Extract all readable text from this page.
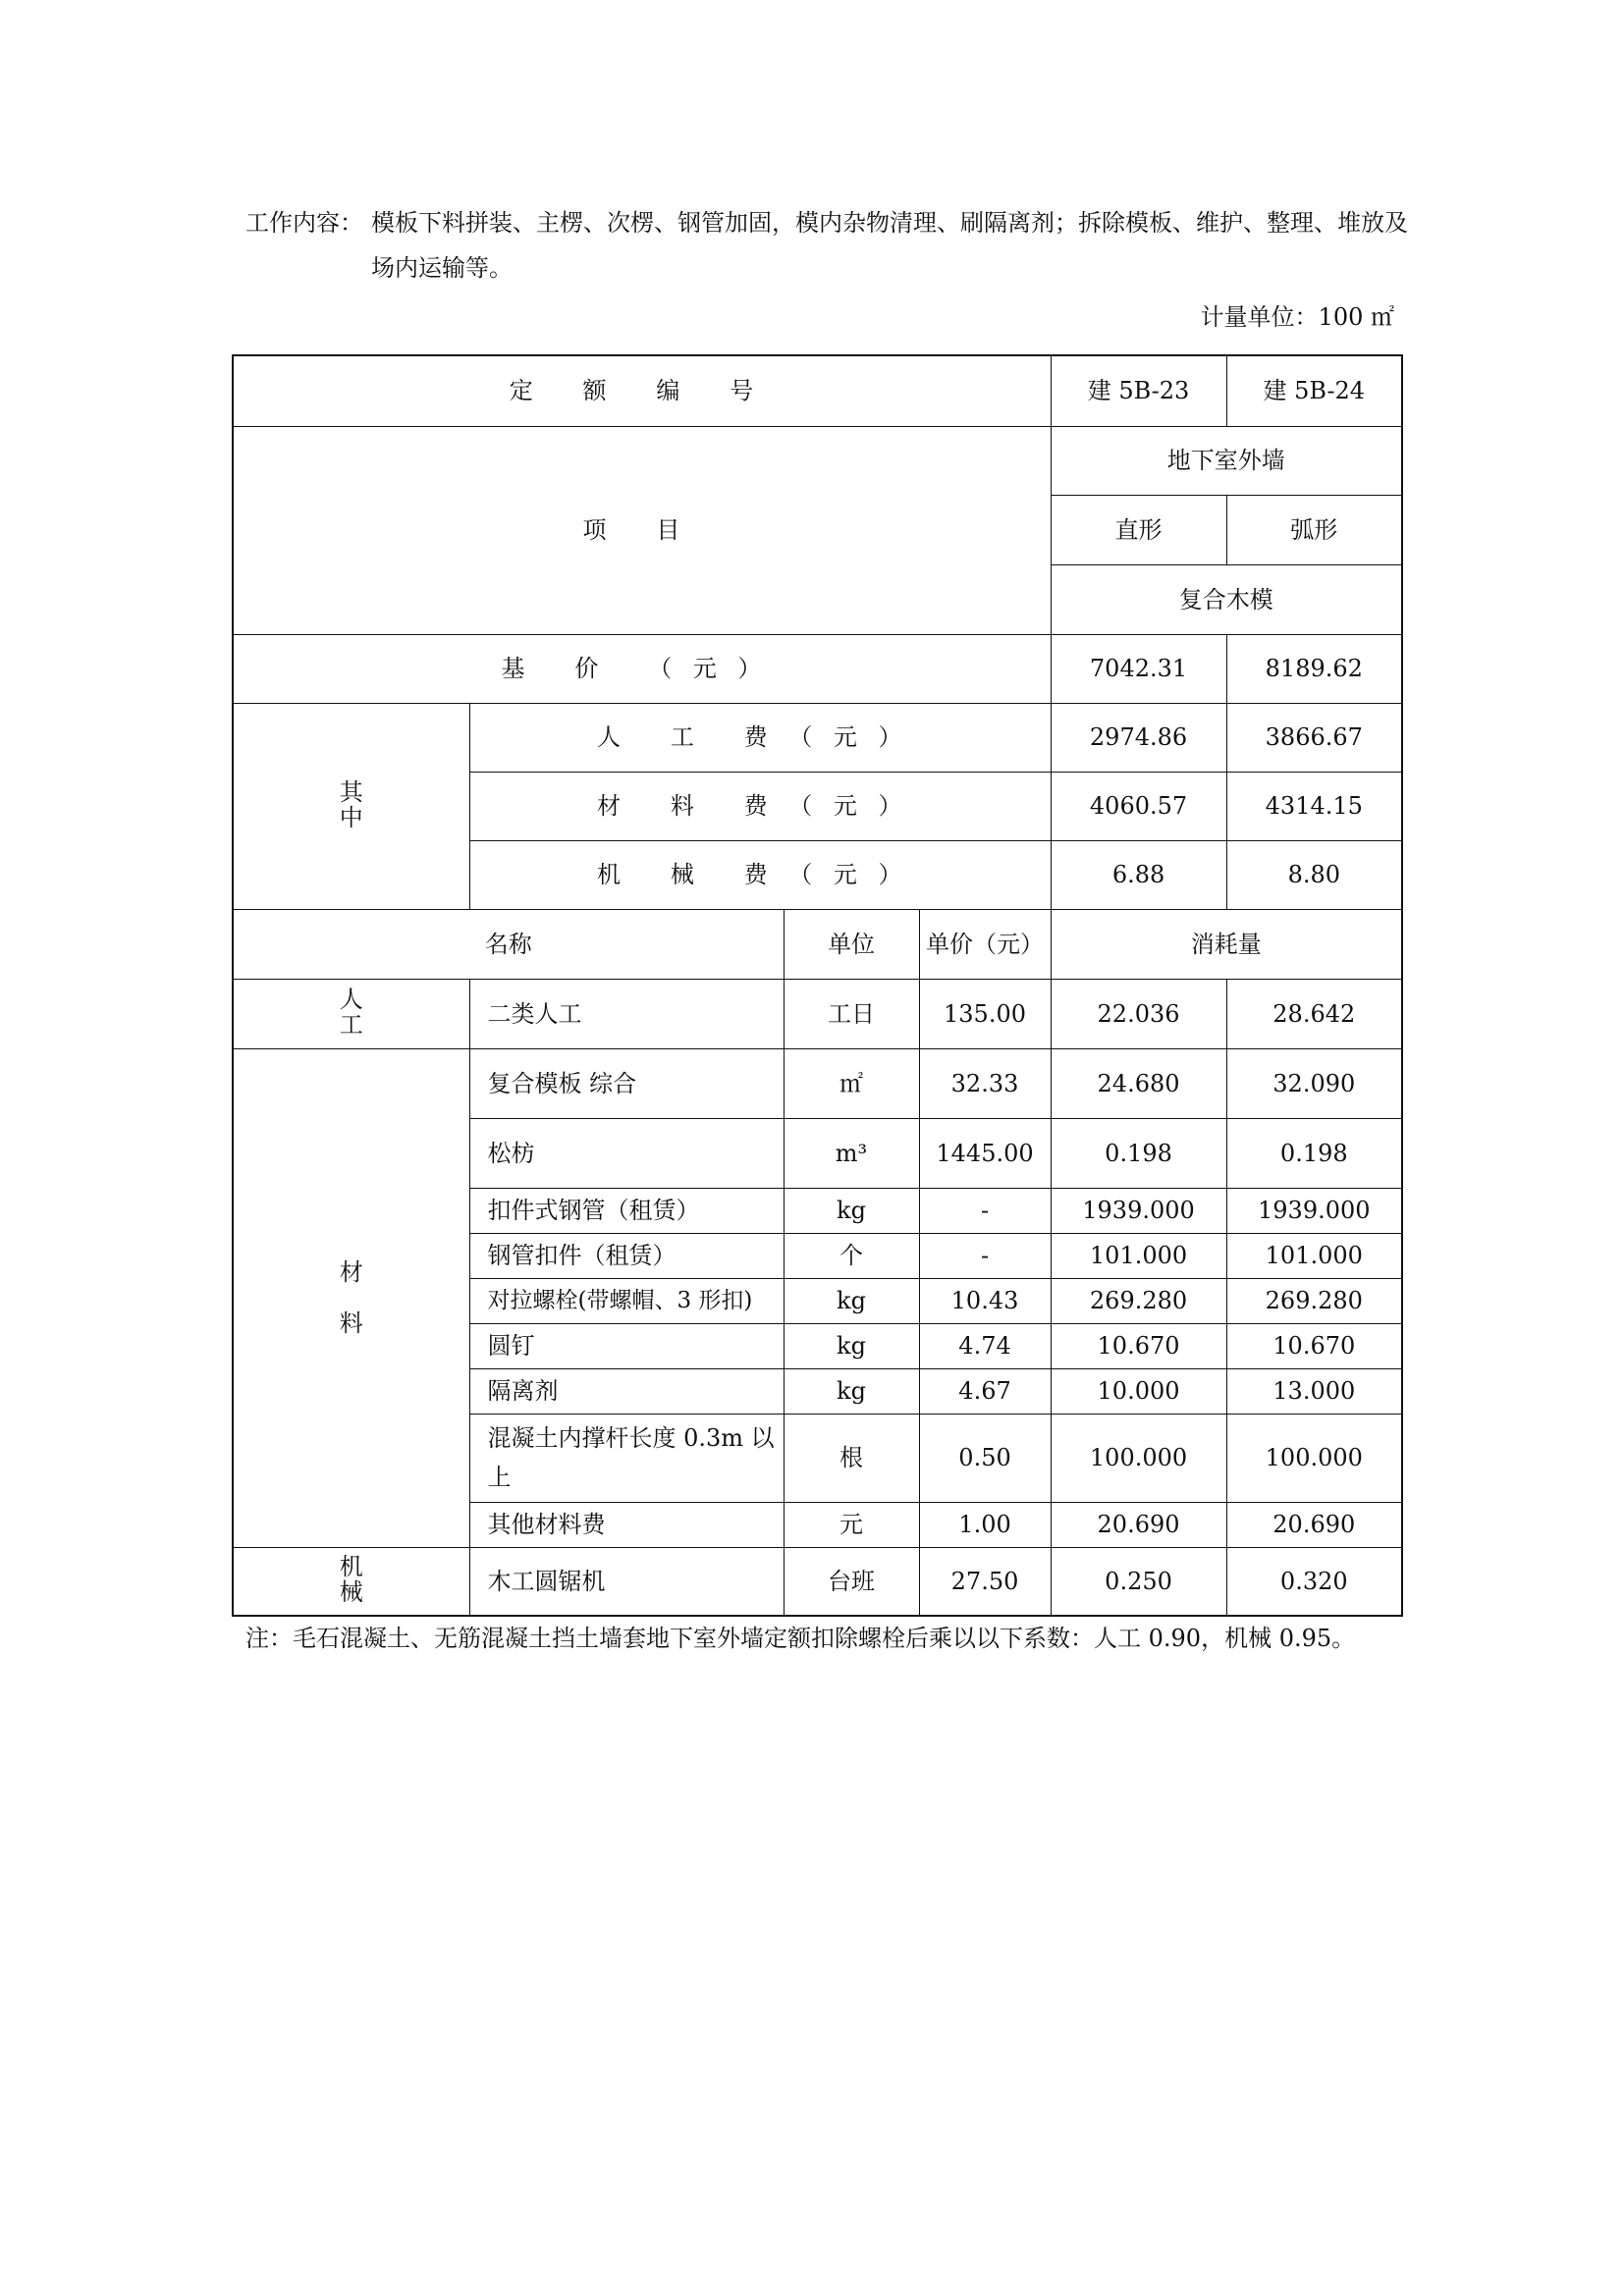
工作内容： 模板下料拼装、主楞、次楞、钢管加固，模内杂物清理、刷隔离剂；拆除模板、维护、整理、堆放及场内运输等。
计量单位：100 ㎡
定 额 编 号				建 5B-23	建 5B-24
项 目				地下室外墙	
				直形	弧形
				复合木模	
基 价 （元）				7042.31	8189.62
其中	人 工 费（元）			2974.86	3866.67
	材 料 费（元）			4060.57	4314.15
	机 械 费（元）			6.88	8.80
名称		单位	单价（元）	消耗量	
人工	二类人工	工日	135.00	22.036	28.642
材 料	复合模板 综合	㎡	32.33	24.680	32.090
	松枋	m³	1445.00	0.198	0.198
	扣件式钢管（租赁）	kg	-	1939.000	1939.000
	钢管扣件（租赁）	个	-	101.000	101.000
	对拉螺栓(带螺帽、3 形扣)	kg	10.43	269.280	269.280
	圆钉	kg	4.74	10.670	10.670
	隔离剂	kg	4.67	10.000	13.000
	混凝土内撑杆长度 0.3m 以上	根	0.50	100.000	100.000
	其他材料费	元	1.00	20.690	20.690
机械	木工圆锯机	台班	27.50	0.250	0.320
注：毛石混凝土、无筋混凝土挡土墙套地下室外墙定额扣除螺栓后乘以以下系数：人工 0.90，机械 0.95。
